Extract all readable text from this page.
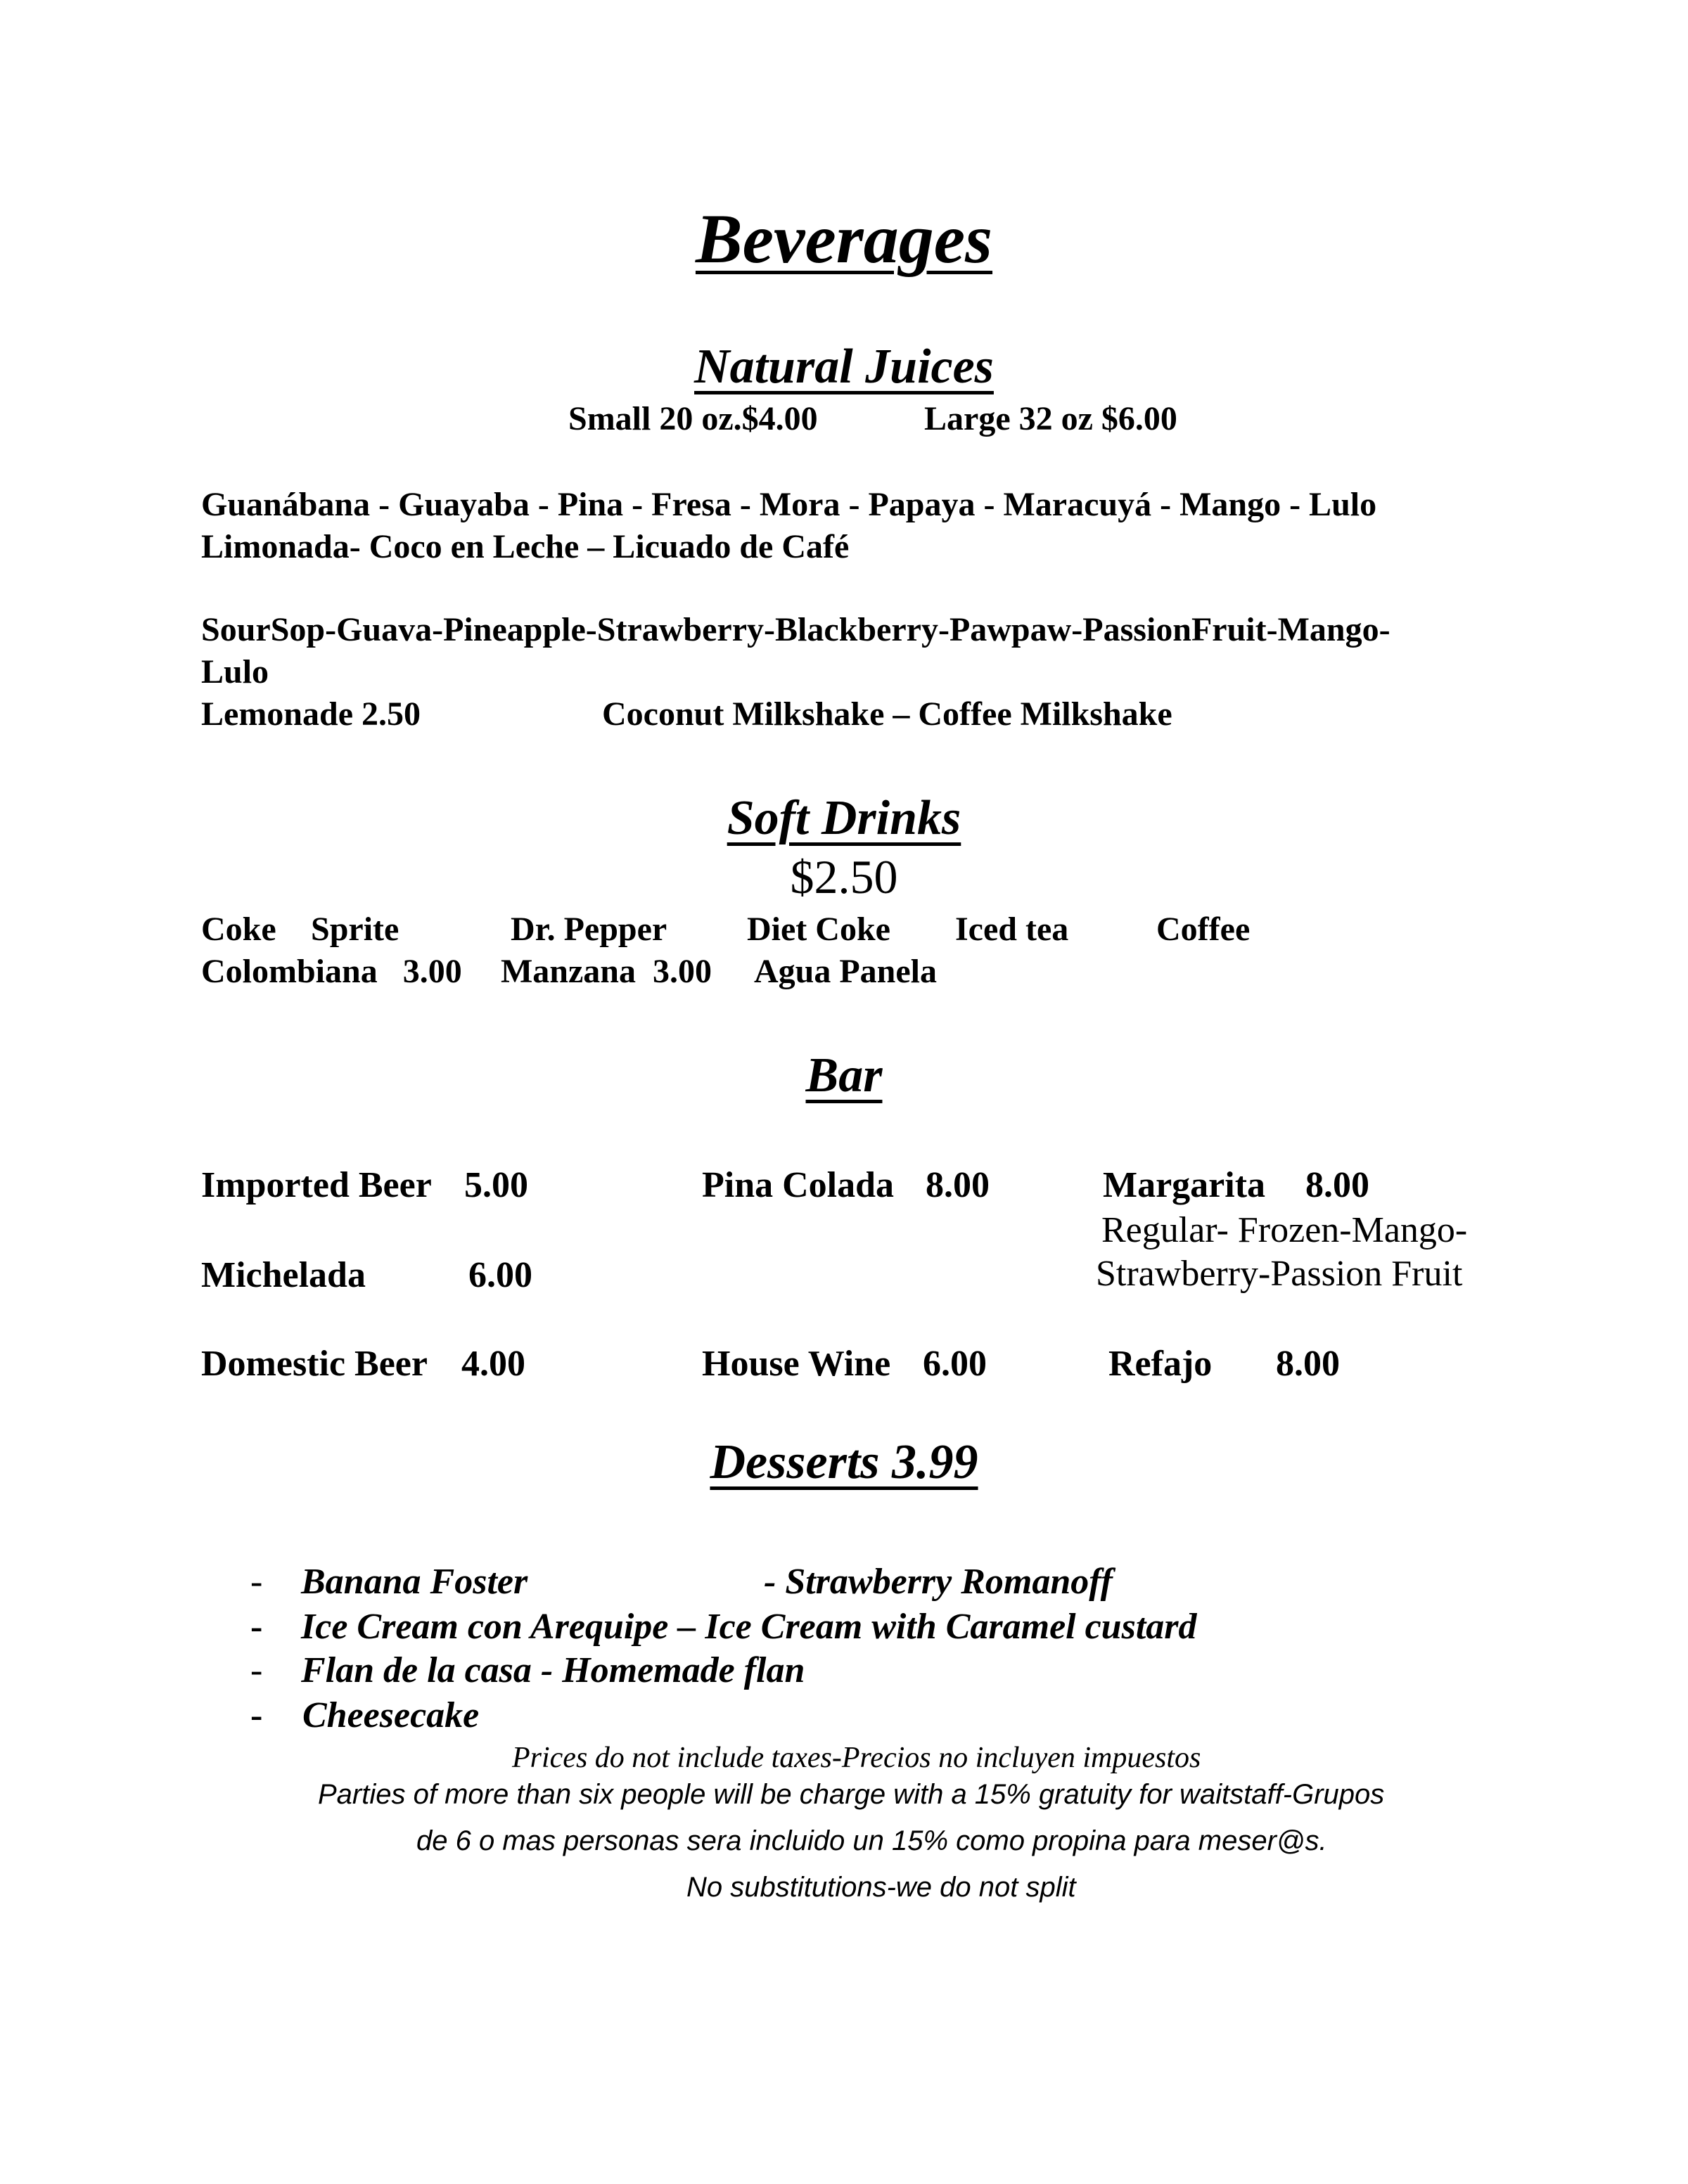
Beverages
Natural Juices
Small 20 oz.$4.00	Large 32 oz $6.00
Guanábana - Guayaba - Pina - Fresa - Mora - Papaya - Maracuyá - Mango - Lulo
Limonada- Coco en Leche – Licuado de Café
SourSop-Guava-Pineapple-Strawberry-Blackberry-Pawpaw-PassionFruit-Mango-
Lulo
Lemonade 2.50	Coconut Milkshake – Coffee Milkshake
Soft Drinks
$2.50
Coke Sprite	Dr. Pepper Diet Coke Iced tea	Coffee
Colombiana   3.00 Manzana  3.00 Agua Panela
Bar
Imported Beer 5.00	Pina Colada 8.00	Margarita 8.00
Regular- Frozen-Mango-
Strawberry-Passion Fruit
Michelada	6.00
Domestic Beer 4.00	House Wine 6.00	Refajo 8.00
Desserts 3.99
- Banana Foster	- Strawberry Romanoff
- Ice Cream con Arequipe – Ice Cream with Caramel custard
- Flan de la casa - Homemade flan
- Cheesecake
Prices do not include taxes-Precios no incluyen impuestos
Parties of more than six people will be charge with a 15% gratuity for waitstaff-Grupos
de 6 o mas personas sera incluido un 15% como propina para meser@s.
No substitutions-we do not split
